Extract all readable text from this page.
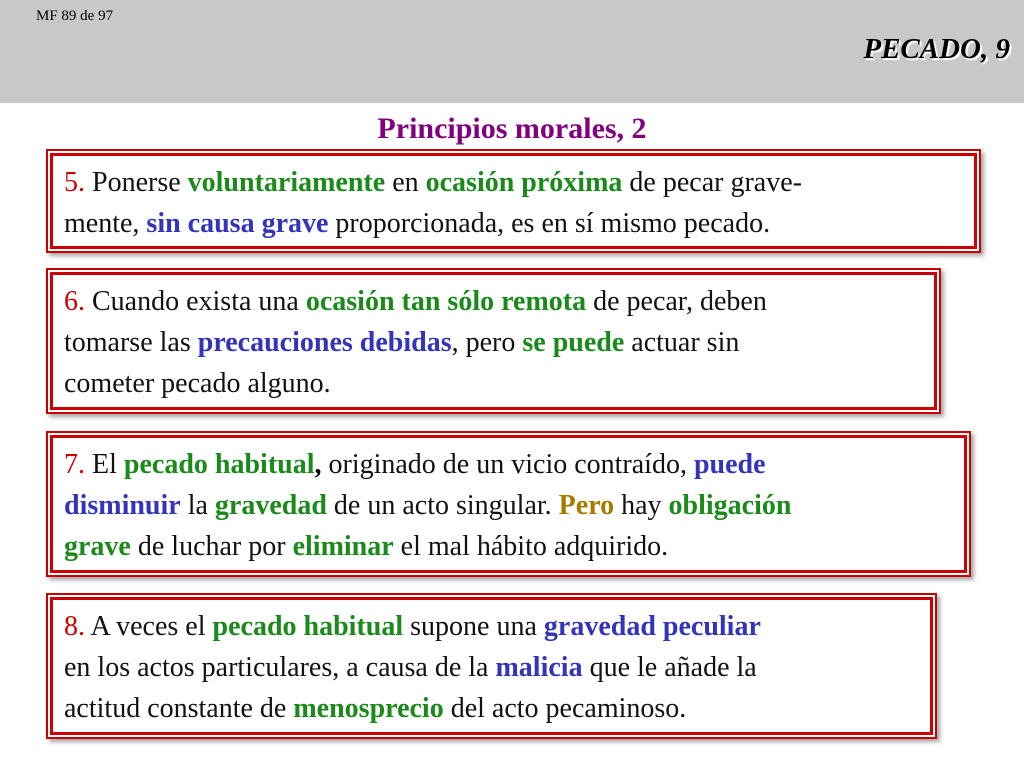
MF 89 de 97
PECADO, 9
Principios morales, 2

5. Ponerse voluntariamente en ocasión próxima de pecar grave-
mente, sin causa grave proporcionada, es en sí mismo pecado.

6. Cuando exista una ocasión tan sólo remota de pecar, deben
tomarse las precauciones debidas, pero se puede actuar sin
cometer pecado alguno.

7. El pecado habitual, originado de un vicio contraído, puede
disminuir la gravedad de un acto singular. Pero hay obligación
grave de luchar por eliminar el mal hábito adquirido.

8. A veces el pecado habitual supone una gravedad peculiar
en los actos particulares, a causa de la malicia que le añade la
actitud constante de menosprecio del acto pecaminoso.
